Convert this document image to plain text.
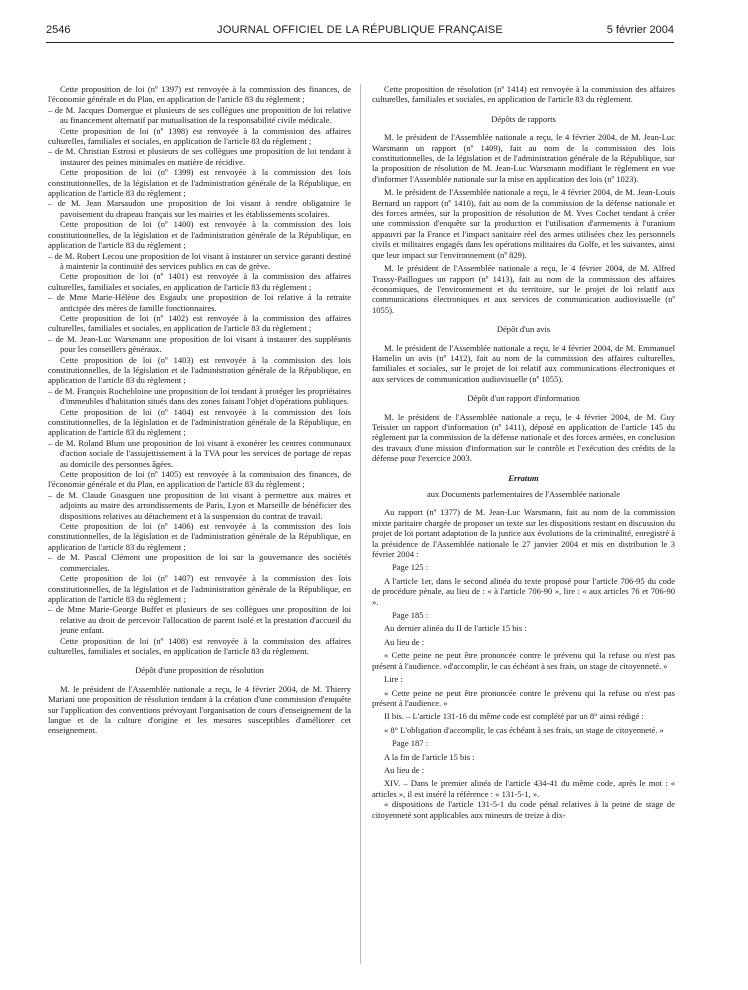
2546	JOURNAL OFFICIEL DE LA RÉPUBLIQUE FRANÇAISE	5 février 2004

Cette proposition de loi (nº 1397) est renvoyée à la commission des finances, de l'économie générale et du Plan, en application de l'article 83 du règlement ;

– de M. Jacques Domergue et plusieurs de ses collègues une proposition de loi relative au financement alternatif par mutualisation de la responsabilité civile médicale.

Cette proposition de loi (nº 1398) est renvoyée à la commission des affaires culturelles, familiales et sociales, en application de l'article 83 du règlement ;

– de M. Christian Estrosi et plusieurs de ses collègues une proposition de loi tendant à instaurer des peines minimales en matière de récidive.

Cette proposition de loi (nº 1399) est renvoyée à la commission des lois constitutionnelles, de la législation et de l'administration générale de la République, en application de l'article 83 du règlement ;

– de M. Jean Marsaudon une proposition de loi visant à rendre obligatoire le pavoisement du drapeau français sur les mairies et les établissements scolaires.

Cette proposition de loi (nº 1400) est renvoyée à la commission des lois constitutionnelles, de la législation et de l'administration générale de la République, en application de l'article 83 du règlement ;

– de M. Robert Lecou une proposition de loi visant à instaurer un service garanti destiné à maintenir la continuité des services publics en cas de grève.

Cette proposition de loi (nº 1401) est renvoyée à la commission des affaires culturelles, familiales et sociales, en application de l'article 83 du règlement ;

– de Mme Marie-Hélène des Esgaulx une proposition de loi relative à la retraite anticipée des mères de famille fonctionnaires.

Cette proposition de loi (nº 1402) est renvoyée à la commission des affaires culturelles, familiales et sociales, en application de l'article 83 du règlement ;

– de M. Jean-Luc Warsmann une proposition de loi visant à instaurer des suppléants pour les conseillers généraux.

Cette proposition de loi (nº 1403) est renvoyée à la commission des lois constitutionnelles, de la législation et de l'administration générale de la République, en application de l'article 83 du règlement ;

– de M. François Rochebloine une proposition de loi tendant à protéger les propriétaires d'immeubles d'habitation situés dans des zones faisant l'objet d'opérations publiques.

Cette proposition de loi (nº 1404) est renvoyée à la commission des lois constitutionnelles, de la législation et de l'administration générale de la République, en application de l'article 83 du règlement ;

– de M. Roland Blum une proposition de loi visant à exonérer les centres communaux d'action sociale de l'assujettissement à la TVA pour les services de portage de repas au domicile des personnes âgées.

Cette proposition de loi (nº 1405) est renvoyée à la commission des finances, de l'économie générale et du Plan, en application de l'article 83 du règlement ;

– de M. Claude Goasguen une proposition de loi visant à permettre aux maires et adjoints au maire des arrondissements de Paris, Lyon et Marseille de bénéficier des dispositions relatives au détachement et à la suspension du contrat de travail.

Cette proposition de loi (nº 1406) est renvoyée à la commission des lois constitutionnelles, de la législation et de l'administration générale de la République, en application de l'article 83 du règlement ;

– de M. Pascal Clément une proposition de loi sur la gouvernance des sociétés commerciales.

Cette proposition de loi (nº 1407) est renvoyée à la commission des lois constitutionnelles, de la législation et de l'administration générale de la République, en application de l'article 83 du règlement ;

– de Mme Marie-George Buffet et plusieurs de ses collègues une proposition de loi relative au droit de percevoir l'allocation de parent isolé et la prestation d'accueil du jeune enfant.

Cette proposition de loi (nº 1408) est renvoyée à la commission des affaires culturelles, familiales et sociales, en application de l'article 83 du règlement.

Dépôt d'une proposition de résolution

M. le président de l'Assemblée nationale a reçu, le 4 février 2004, de M. Thierry Mariani une proposition de résolution tendant à la création d'une commission d'enquête sur l'application des conventions prévoyant l'organisation de cours d'enseignement de la langue et de la culture d'origine et les mesures susceptibles d'améliorer cet enseignement.

Cette proposition de résolution (nº 1414) est renvoyée à la commission des affaires culturelles, familiales et sociales, en application de l'article 83 du règlement.

Dépôts de rapports

M. le président de l'Assemblée nationale a reçu, le 4 février 2004, de M. Jean-Luc Warsmann un rapport (nº 1409), fait au nom de la commission des lois constitutionnelles, de la législation et de l'administration générale de la République, sur la proposition de résolution de M. Jean-Luc Warsmann modifiant le règlement en vue d'informer l'Assemblée nationale sur la mise en application des lois (nº 1023).

M. le président de l'Assemblée nationale a reçu, le 4 février 2004, de M. Jean-Louis Bernard un rapport (nº 1410), fait au nom de la commission de la défense nationale et des forces armées, sur la proposition de résolution de M. Yves Cochet tendant à créer une commission d'enquête sur la production et l'utilisation d'armements à l'uranium appauvri par la France et l'impact sanitaire réel des armes utilisées chez les personnels civils et militaires engagés dans les opérations militaires du Golfe, et les suivantes, ainsi que leur impact sur l'environnement (nº 829).

M. le président de l'Assemblée nationale a reçu, le 4 février 2004, de M. Alfred Trassy-Paillogues un rapport (nº 1413), fait au nom de la commission des affaires économiques, de l'environnement et du territoire, sur le projet de loi relatif aux communications électroniques et aux services de communication audiovisuelle (nº 1055).

Dépôt d'un avis

M. le président de l'Assemblée nationale a reçu, le 4 février 2004, de M. Emmanuel Hamelin un avis (nº 1412), fait au nom de la commission des affaires culturelles, familiales et sociales, sur le projet de loi relatif aux communications électroniques et aux services de communication audiovisuelle (nº 1055).

Dépôt d'un rapport d'information

M. le président de l'Assemblée nationale a reçu, le 4 février 2004, de M. Guy Teissier un rapport d'information (nº 1411), déposé en application de l'article 145 du règlement par la commission de la défense nationale et des forces armées, en conclusion des travaux d'une mission d'information sur le contrôle et l'exécution des crédits de la défense pour l'exercice 2003.

Erratum

aux Documents parlementaires de l'Assemblée nationale

Au rapport (nº 1377) de M. Jean-Luc Warsmann, fait au nom de la commission mixte paritaire chargée de proposer un texte sur les dispositions restant en discussion du projet de loi portant adaptation de la justice aux évolutions de la criminalité, enregistré à la présidence de l'Assemblée nationale le 27 janvier 2004 et mis en distribution le 3 février 2004 :

Page 125 :

A l'article 1er, dans le second alinéa du texte proposé pour l'article 706-95 du code de procédure pénale, au lieu de : « à l'article 706-90 », lire : « aux articles 76 et 706-90 ».

Page 185 :

Au dernier alinéa du II de l'article 15 bis :

Au lieu de :

« Cette peine ne peut être prononcée contre le prévenu qui la refuse ou n'est pas présent à l'audience. »d'accomplir, le cas échéant à ses frais, un stage de citoyenneté. »

Lire :

« Cette peine ne peut être prononcée contre le prévenu qui la refuse ou n'est pas présent à l'audience. »

II bis. – L'article 131-16 du même code est complété par un 8° ainsi rédigé :

« 8° L'obligation d'accomplir, le cas échéant à ses frais, un stage de citoyenneté. »

Page 187 :

A la fin de l'article 15 bis :

Au lieu de :

XIV. – Dans le premier alinéa de l'article 434-41 du même code, après le mot : « articles », il est inséré la référence : « 131-5-1, ».

« dispositions de l'article 131-5-1 du code pénal relatives à la peine de stage de citoyenneté sont applicables aux mineurs de treize à dix-
